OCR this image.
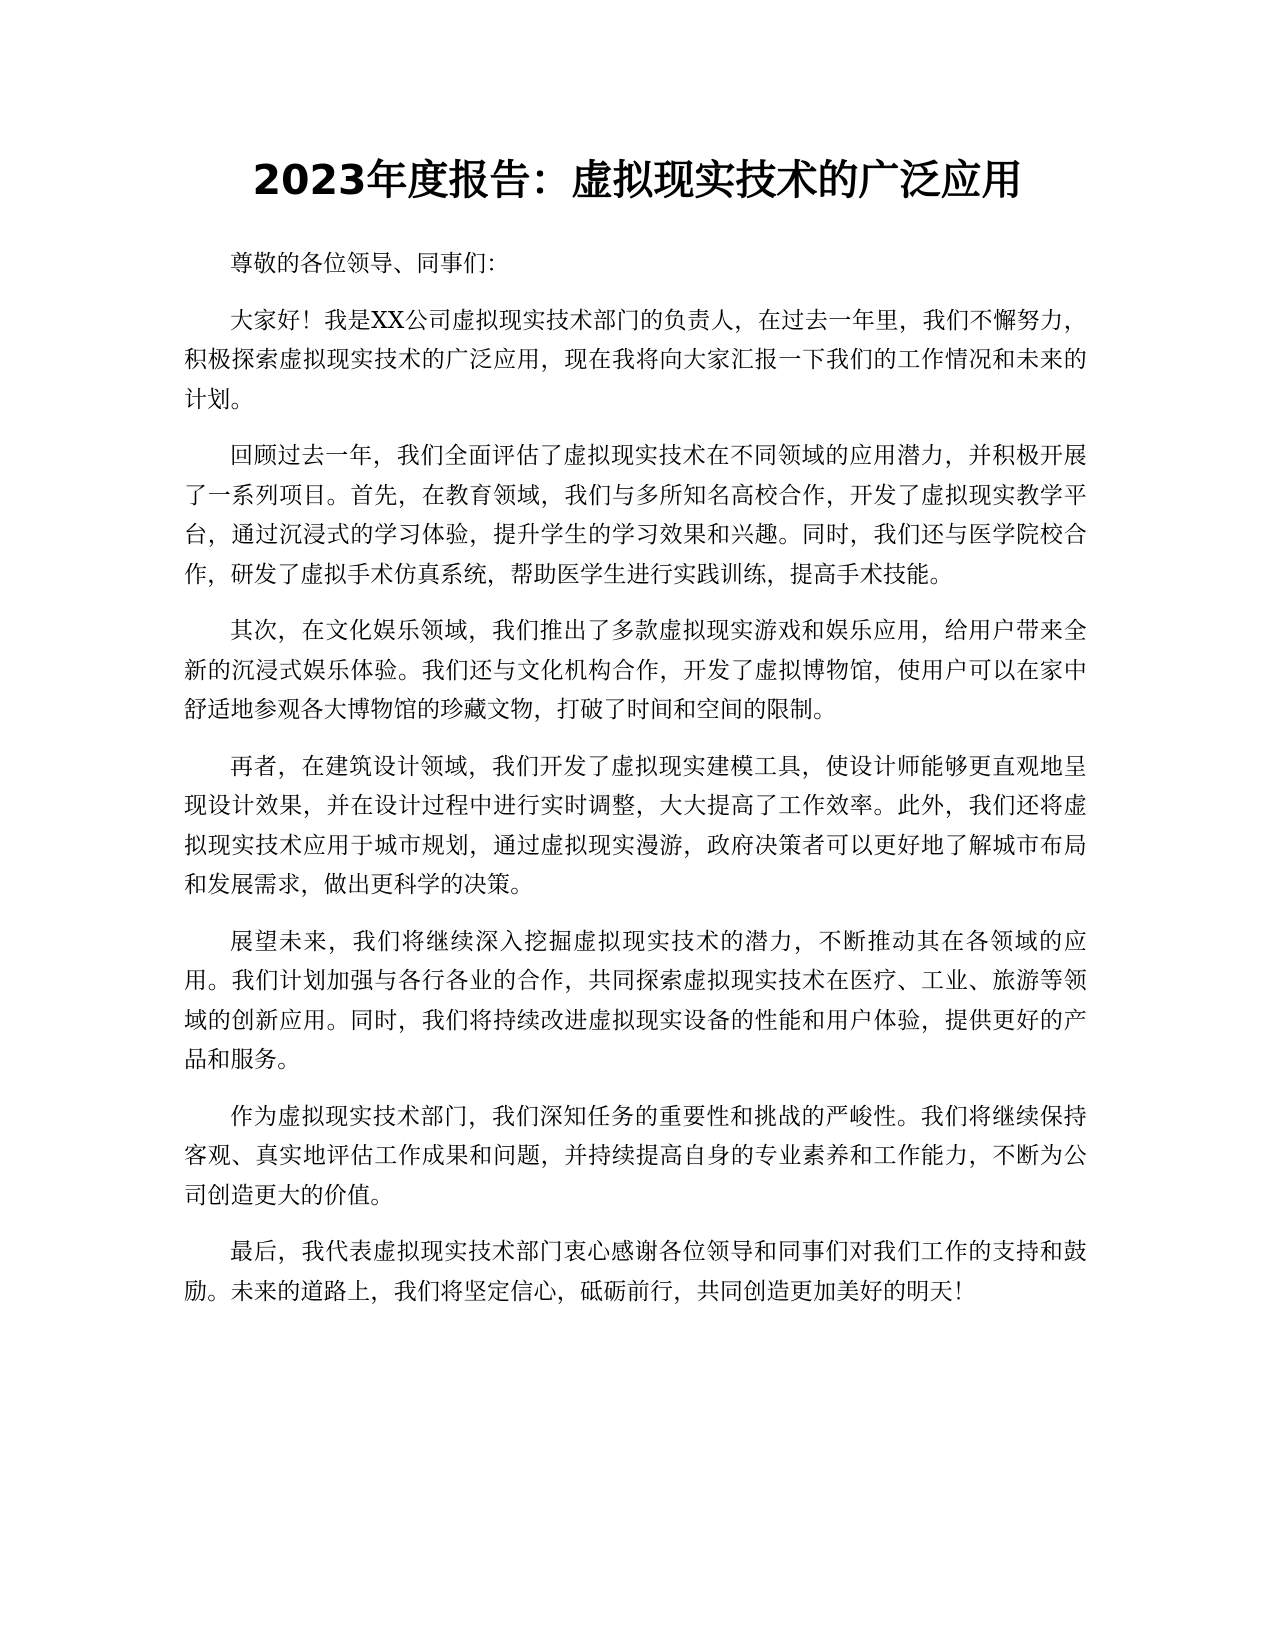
2023年度报告：虚拟现实技术的广泛应用

尊敬的各位领导、同事们：

大家好！我是XX公司虚拟现实技术部门的负责人，在过去一年里，我们不懈努力，积极探索虚拟现实技术的广泛应用，现在我将向大家汇报一下我们的工作情况和未来的计划。

回顾过去一年，我们全面评估了虚拟现实技术在不同领域的应用潜力，并积极开展了一系列项目。首先，在教育领域，我们与多所知名高校合作，开发了虚拟现实教学平台，通过沉浸式的学习体验，提升学生的学习效果和兴趣。同时，我们还与医学院校合作，研发了虚拟手术仿真系统，帮助医学生进行实践训练，提高手术技能。

其次，在文化娱乐领域，我们推出了多款虚拟现实游戏和娱乐应用，给用户带来全新的沉浸式娱乐体验。我们还与文化机构合作，开发了虚拟博物馆，使用户可以在家中舒适地参观各大博物馆的珍藏文物，打破了时间和空间的限制。

再者，在建筑设计领域，我们开发了虚拟现实建模工具，使设计师能够更直观地呈现设计效果，并在设计过程中进行实时调整，大大提高了工作效率。此外，我们还将虚拟现实技术应用于城市规划，通过虚拟现实漫游，政府决策者可以更好地了解城市布局和发展需求，做出更科学的决策。

展望未来，我们将继续深入挖掘虚拟现实技术的潜力，不断推动其在各领域的应用。我们计划加强与各行各业的合作，共同探索虚拟现实技术在医疗、工业、旅游等领域的创新应用。同时，我们将持续改进虚拟现实设备的性能和用户体验，提供更好的产品和服务。

作为虚拟现实技术部门，我们深知任务的重要性和挑战的严峻性。我们将继续保持客观、真实地评估工作成果和问题，并持续提高自身的专业素养和工作能力，不断为公司创造更大的价值。

最后，我代表虚拟现实技术部门衷心感谢各位领导和同事们对我们工作的支持和鼓励。未来的道路上，我们将坚定信心，砥砺前行，共同创造更加美好的明天！
